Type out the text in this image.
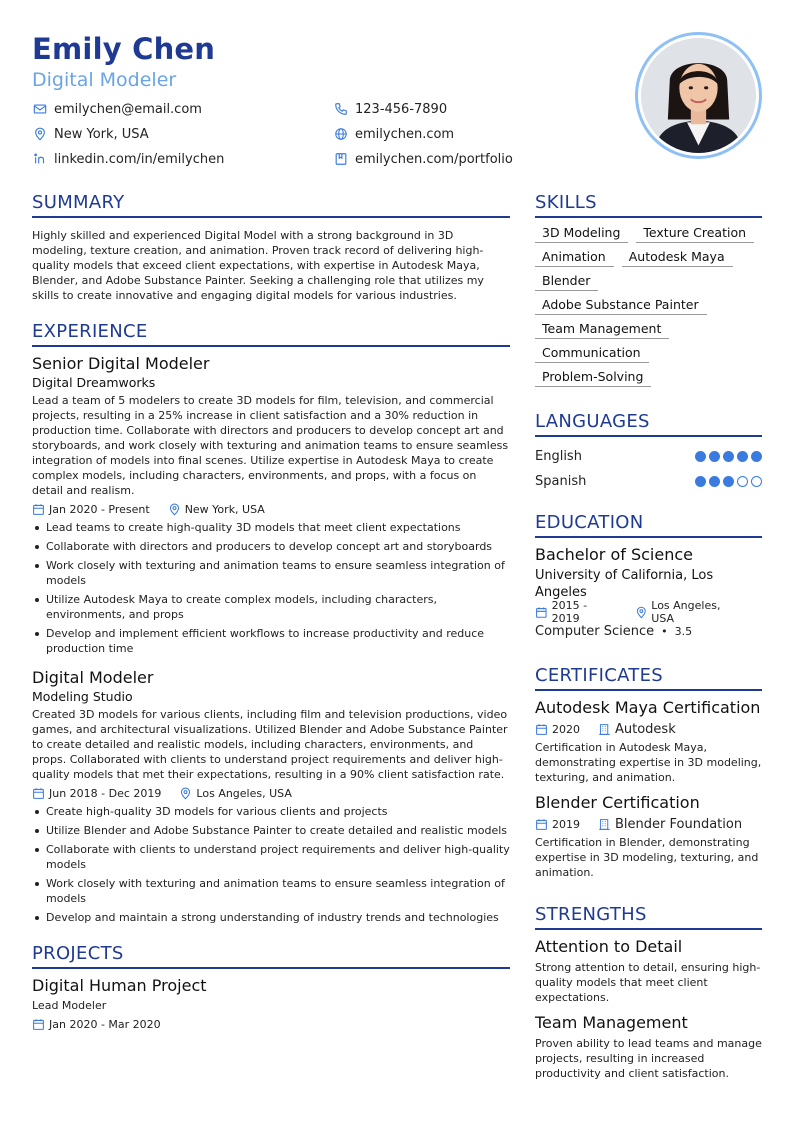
Emily Chen
Digital Modeler
emilychen@email.com	123-456-7890
New York, USA	emilychen.com
linkedin.com/in/emilychen	emilychen.com/portfolio
SUMMARY
Highly skilled and experienced Digital Model with a strong background in 3D modeling, texture creation, and animation. Proven track record of delivering high-quality models that exceed client expectations, with expertise in Autodesk Maya, Blender, and Adobe Substance Painter. Seeking a challenging role that utilizes my skills to create innovative and engaging digital models for various industries.
EXPERIENCE
Senior Digital Modeler
Digital Dreamworks
Lead a team of 5 modelers to create 3D models for film, television, and commercial projects, resulting in a 25% increase in client satisfaction and a 30% reduction in production time. Collaborate with directors and producers to develop concept art and storyboards, and work closely with texturing and animation teams to ensure seamless integration of models into final scenes. Utilize expertise in Autodesk Maya to create complex models, including characters, environments, and props, with a focus on detail and realism.
Jan 2020 - Present	New York, USA
Lead teams to create high-quality 3D models that meet client expectations
Collaborate with directors and producers to develop concept art and storyboards
Work closely with texturing and animation teams to ensure seamless integration of models
Utilize Autodesk Maya to create complex models, including characters, environments, and props
Develop and implement efficient workflows to increase productivity and reduce production time
Digital Modeler
Modeling Studio
Created 3D models for various clients, including film and television productions, video games, and architectural visualizations. Utilized Blender and Adobe Substance Painter to create detailed and realistic models, including characters, environments, and props. Collaborated with clients to understand project requirements and deliver high-quality models that met their expectations, resulting in a 90% client satisfaction rate.
Jun 2018 - Dec 2019	Los Angeles, USA
Create high-quality 3D models for various clients and projects
Utilize Blender and Adobe Substance Painter to create detailed and realistic models
Collaborate with clients to understand project requirements and deliver high-quality models
Work closely with texturing and animation teams to ensure seamless integration of models
Develop and maintain a strong understanding of industry trends and technologies
PROJECTS
Digital Human Project
Lead Modeler
Jan 2020 - Mar 2020
SKILLS
3D Modeling	Texture Creation
Animation	Autodesk Maya
Blender
Adobe Substance Painter
Team Management
Communication
Problem-Solving
LANGUAGES
English
Spanish
EDUCATION
Bachelor of Science
University of California, Los Angeles
2015 - 2019
Los Angeles, USA
Computer Science • 3.5
CERTIFICATES
Autodesk Maya Certification
2020	Autodesk
Certification in Autodesk Maya, demonstrating expertise in 3D modeling, texturing, and animation.
Blender Certification
2019	Blender Foundation
Certification in Blender, demonstrating expertise in 3D modeling, texturing, and animation.
STRENGTHS
Attention to Detail
Strong attention to detail, ensuring high-quality models that meet client expectations.
Team Management
Proven ability to lead teams and manage projects, resulting in increased productivity and client satisfaction.
